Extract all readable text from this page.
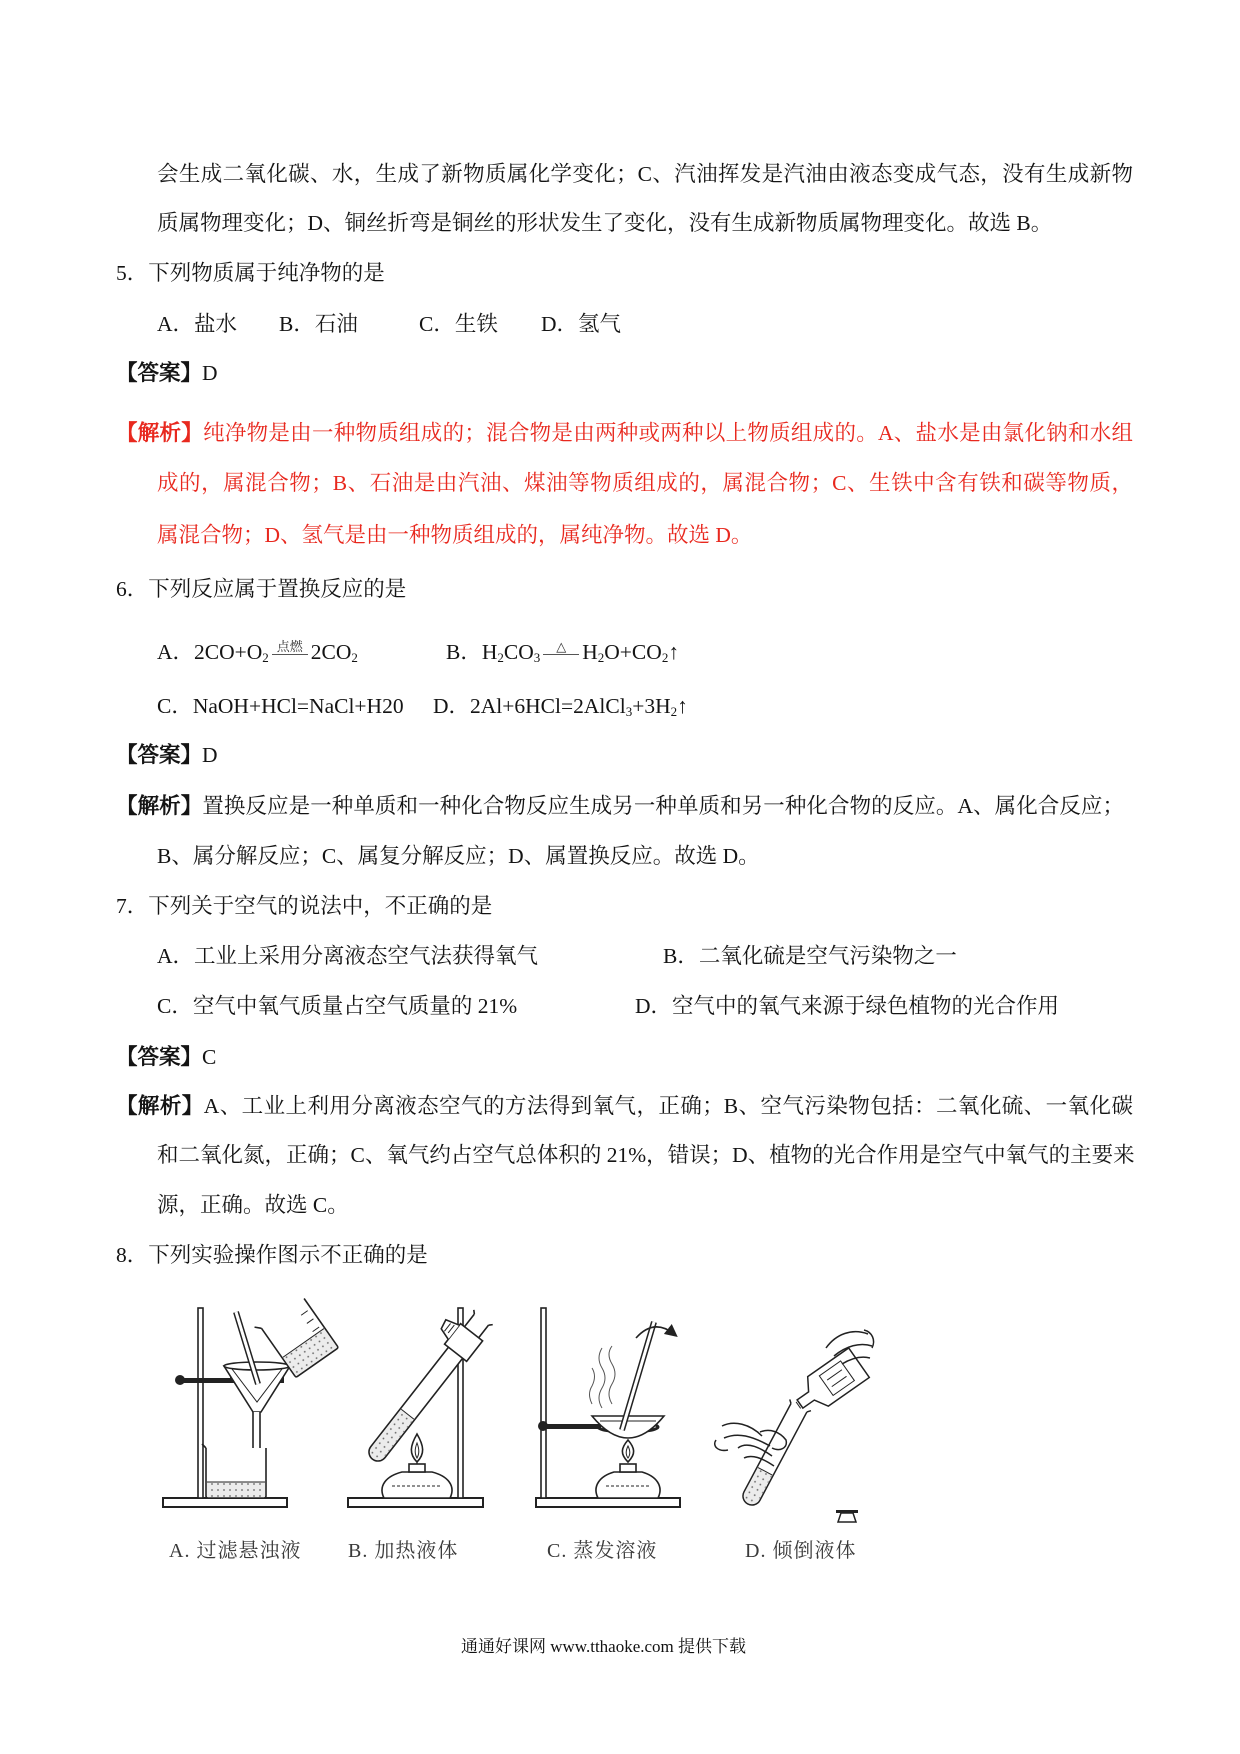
会生成二氧化碳、水，生成了新物质属化学变化；C、汽油挥发是汽油由液态变成气态，没有生成新物
质属物理变化；D、铜丝折弯是铜丝的形状发生了变化，没有生成新物质属物理变化。故选 B。
5．下列物质属于纯净物的是
A．盐水 B．石油	C．生铁 D．氢气
【答案】D
【解析】纯净物是由一种物质组成的；混合物是由两种或两种以上物质组成的。A、盐水是由氯化钠和水组
成的，属混合物；B、石油是由汽油、煤油等物质组成的，属混合物；C、生铁中含有铁和碳等物质，
属混合物；D、氢气是由一种物质组成的，属纯净物。故选 D。
6．下列反应属于置换反应的是
A．$2CO+O_2$
点燃 $2CO_2$	B．$H_2CO_3$
△ $H_2O+CO_2↑$
C．NaOH+HCl=NaCl+H20 D．$2Al+6HCl=2AlCl_3+3H_2↑$
【答案】D
【解析】置换反应是一种单质和一种化合物反应生成另一种单质和另一种化合物的反应。A、属化合反应；
B、属分解反应；C、属复分解反应；D、属置换反应。故选 D。
7．下列关于空气的说法中，不正确的是
A．工业上采用分离液态空气法获得氧气	B．二氧化硫是空气污染物之一
C．空气中氧气质量占空气质量的 21%	D．空气中的氧气来源于绿色植物的光合作用
【答案】C
【解析】A、工业上利用分离液态空气的方法得到氧气，正确；B、空气污染物包括：二氧化硫、一氧化碳
和二氧化氮，正确；C、氧气约占空气总体积的 21%，错误；D、植物的光合作用是空气中氧气的主要来
源，正确。故选 C。
8．下列实验操作图示不正确的是
A. 过滤悬浊液 B. 加热液体	C. 蒸发溶液	D. 倾倒液体
通通好课网 www.tthaoke.com 提供下载
